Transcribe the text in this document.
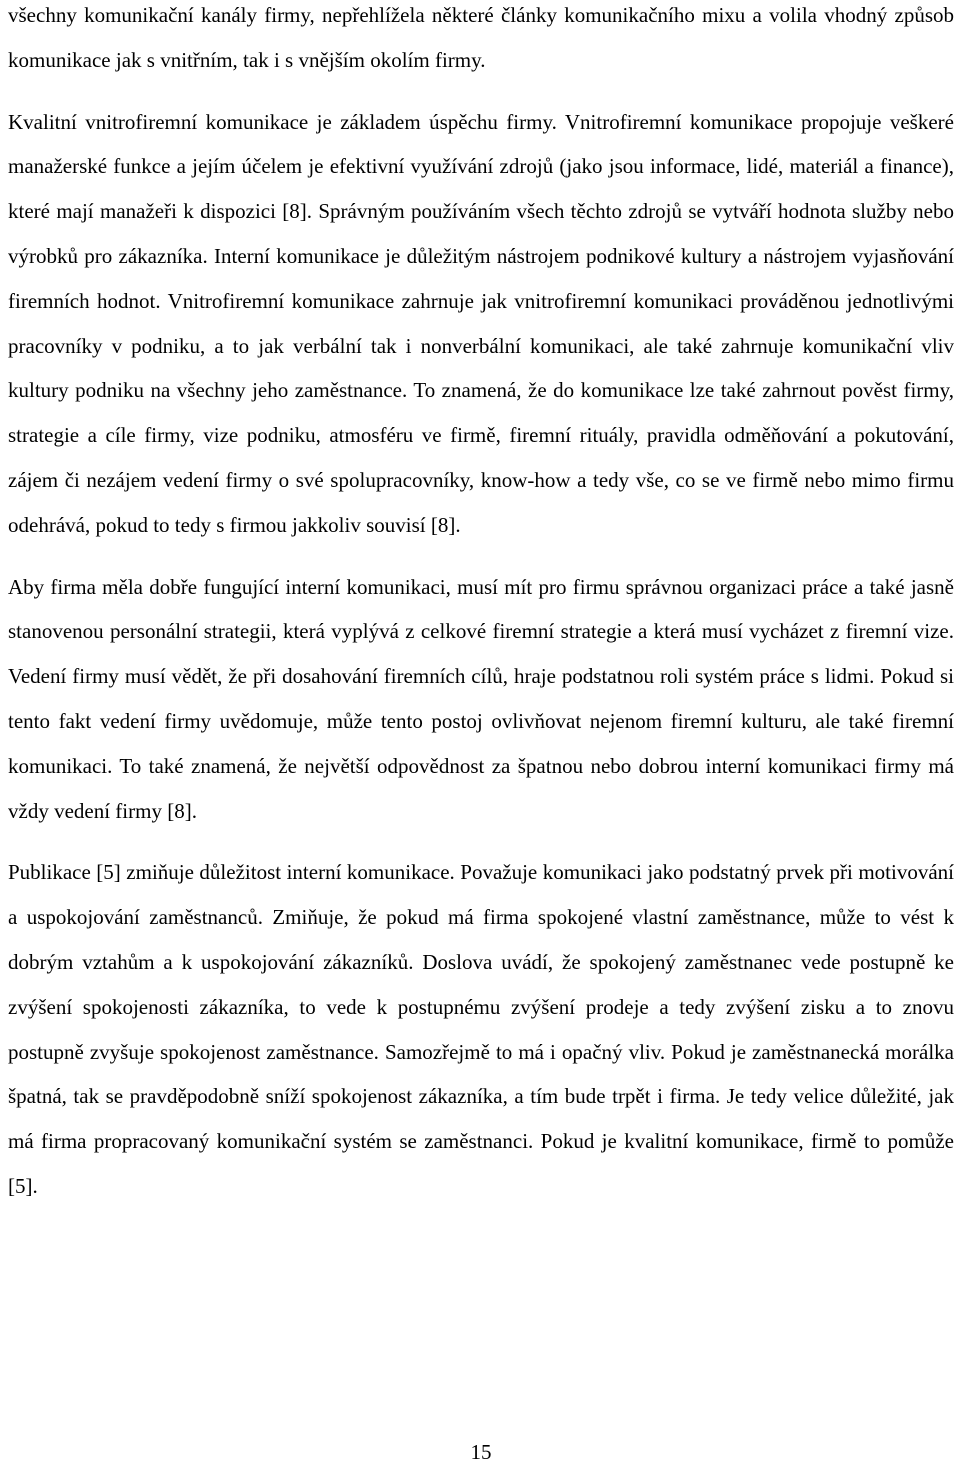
všechny komunikační kanály firmy, nepřehlížela některé články komunikačního mixu a volila vhodný způsob komunikace jak s vnitřním, tak i s vnějším okolím firmy.

Kvalitní vnitrofiremní komunikace je základem úspěchu firmy. Vnitrofiremní komunikace propojuje veškeré manažerské funkce a jejím účelem je efektivní využívání zdrojů (jako jsou informace, lidé, materiál a finance), které mají manažeři k dispozici [8]. Správným používáním všech těchto zdrojů se vytváří hodnota služby nebo výrobků pro zákazníka. Interní komunikace je důležitým nástrojem podnikové kultury a nástrojem vyjasňování firemních hodnot. Vnitrofiremní komunikace zahrnuje jak vnitrofiremní komunikaci prováděnou jednotlivými pracovníky v podniku, a to jak verbální tak i nonverbální komunikaci, ale také zahrnuje komunikační vliv kultury podniku na všechny jeho zaměstnance. To znamená, že do komunikace lze také zahrnout pověst firmy, strategie a cíle firmy, vize podniku, atmosféru ve firmě, firemní rituály, pravidla odměňování a pokutování, zájem či nezájem vedení firmy o své spolupracovníky, know-how a tedy vše, co se ve firmě nebo mimo firmu odehrává, pokud to tedy s firmou jakkoliv souvisí [8].

Aby firma měla dobře fungující interní komunikaci, musí mít pro firmu správnou organizaci práce a také jasně stanovenou personální strategii, která vyplývá z celkové firemní strategie a která musí vycházet z firemní vize. Vedení firmy musí vědět, že při dosahování firemních cílů, hraje podstatnou roli systém práce s lidmi. Pokud si tento fakt vedení firmy uvědomuje, může tento postoj ovlivňovat nejenom firemní kulturu, ale také firemní komunikaci. To také znamená, že největší odpovědnost za špatnou nebo dobrou interní komunikaci firmy má vždy vedení firmy [8].

Publikace [5] zmiňuje důležitost interní komunikace. Považuje komunikaci jako podstatný prvek při motivování a uspokojování zaměstnanců. Zmiňuje, že pokud má firma spokojené vlastní zaměstnance, může to vést k dobrým vztahům a k uspokojování zákazníků. Doslova uvádí, že spokojený zaměstnanec vede postupně ke zvýšení spokojenosti zákazníka, to vede k postupnému zvýšení prodeje a tedy zvýšení zisku a to znovu postupně zvyšuje spokojenost zaměstnance. Samozřejmě to má i opačný vliv. Pokud je zaměstnanecká morálka špatná, tak se pravděpodobně sníží spokojenost zákazníka, a tím bude trpět i firma. Je tedy velice důležité, jak má firma propracovaný komunikační systém se zaměstnanci. Pokud je kvalitní komunikace, firmě to pomůže [5].

15
